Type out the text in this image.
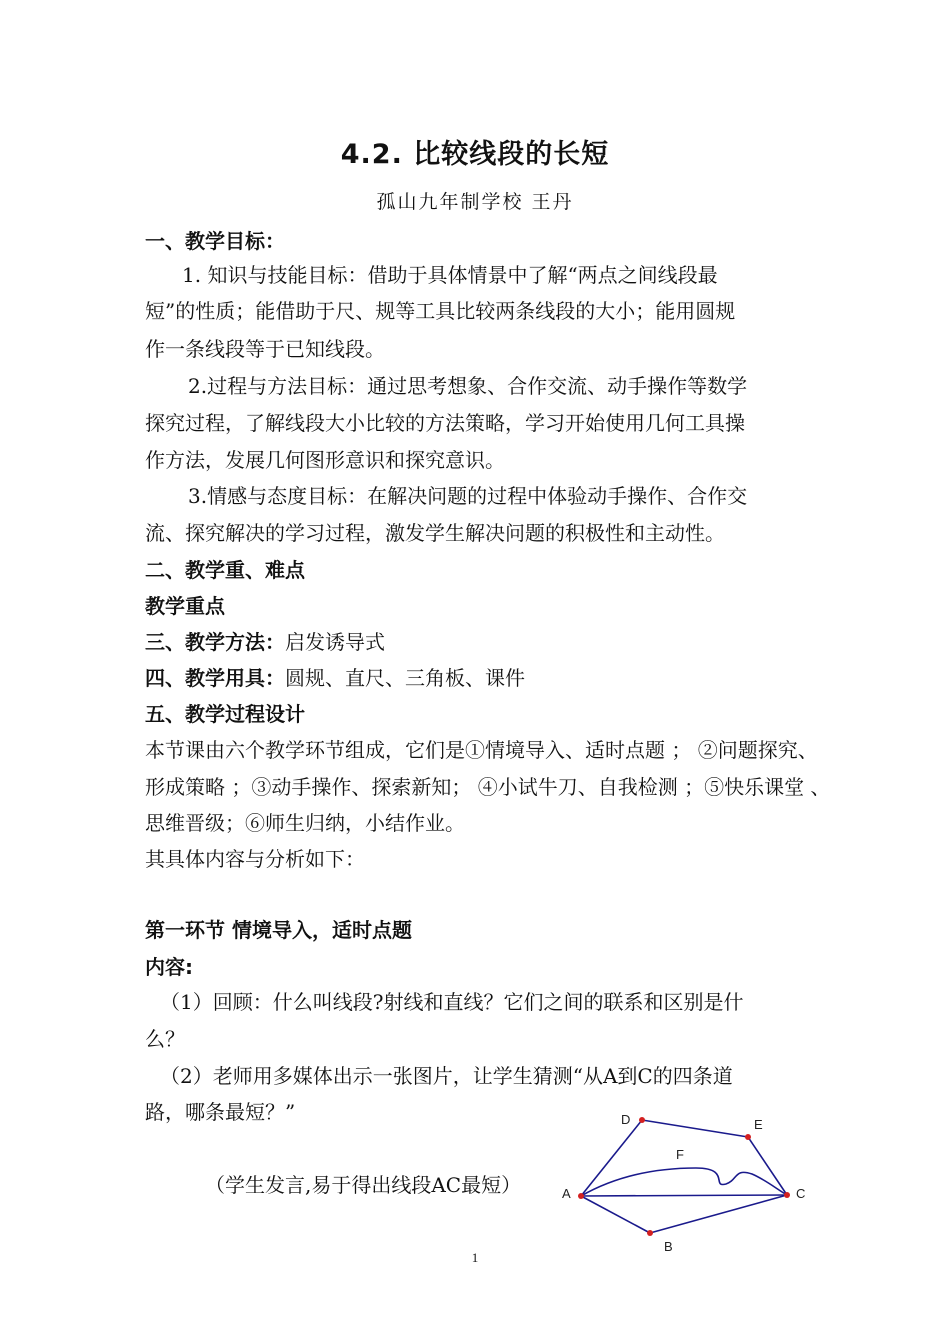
4.2. 比较线段的长短
孤山九年制学校 王丹
一、教学目标：
1. 知识与技能目标：借助于具体情景中了解“两点之间线段最
短”的性质；能借助于尺、规等工具比较两条线段的大小；能用圆规
作一条线段等于已知线段。
2.过程与方法目标：通过思考想象、合作交流、动手操作等数学
探究过程，了解线段大小比较的方法策略，学习开始使用几何工具操
作方法，发展几何图形意识和探究意识。
3.情感与态度目标：在解决问题的过程中体验动手操作、合作交
流、探究解决的学习过程，激发学生解决问题的积极性和主动性。
二、教学重、难点
教学重点
三、教学方法：启发诱导式
四、教学用具：圆规、直尺、三角板、课件
五、教学过程设计
本节课由六个教学环节组成，它们是①情境导入、适时点题 ； ②问题探究、
形成策略 ；③动手操作、探索新知； ④小试牛刀、自我检测 ；⑤快乐课堂 、
思维晋级；⑥师生归纳，小结作业。
其具体内容与分析如下：
第一环节 情境导入，适时点题
内容:
（1）回顾：什么叫线段?射线和直线？它们之间的联系和区别是什
么？
（2）老师用多媒体出示一张图片，让学生猜测“从A到C的四条道
路，哪条最短？”
（学生发言,易于得出线段AC最短）	A
D	E
F
C
B
1
